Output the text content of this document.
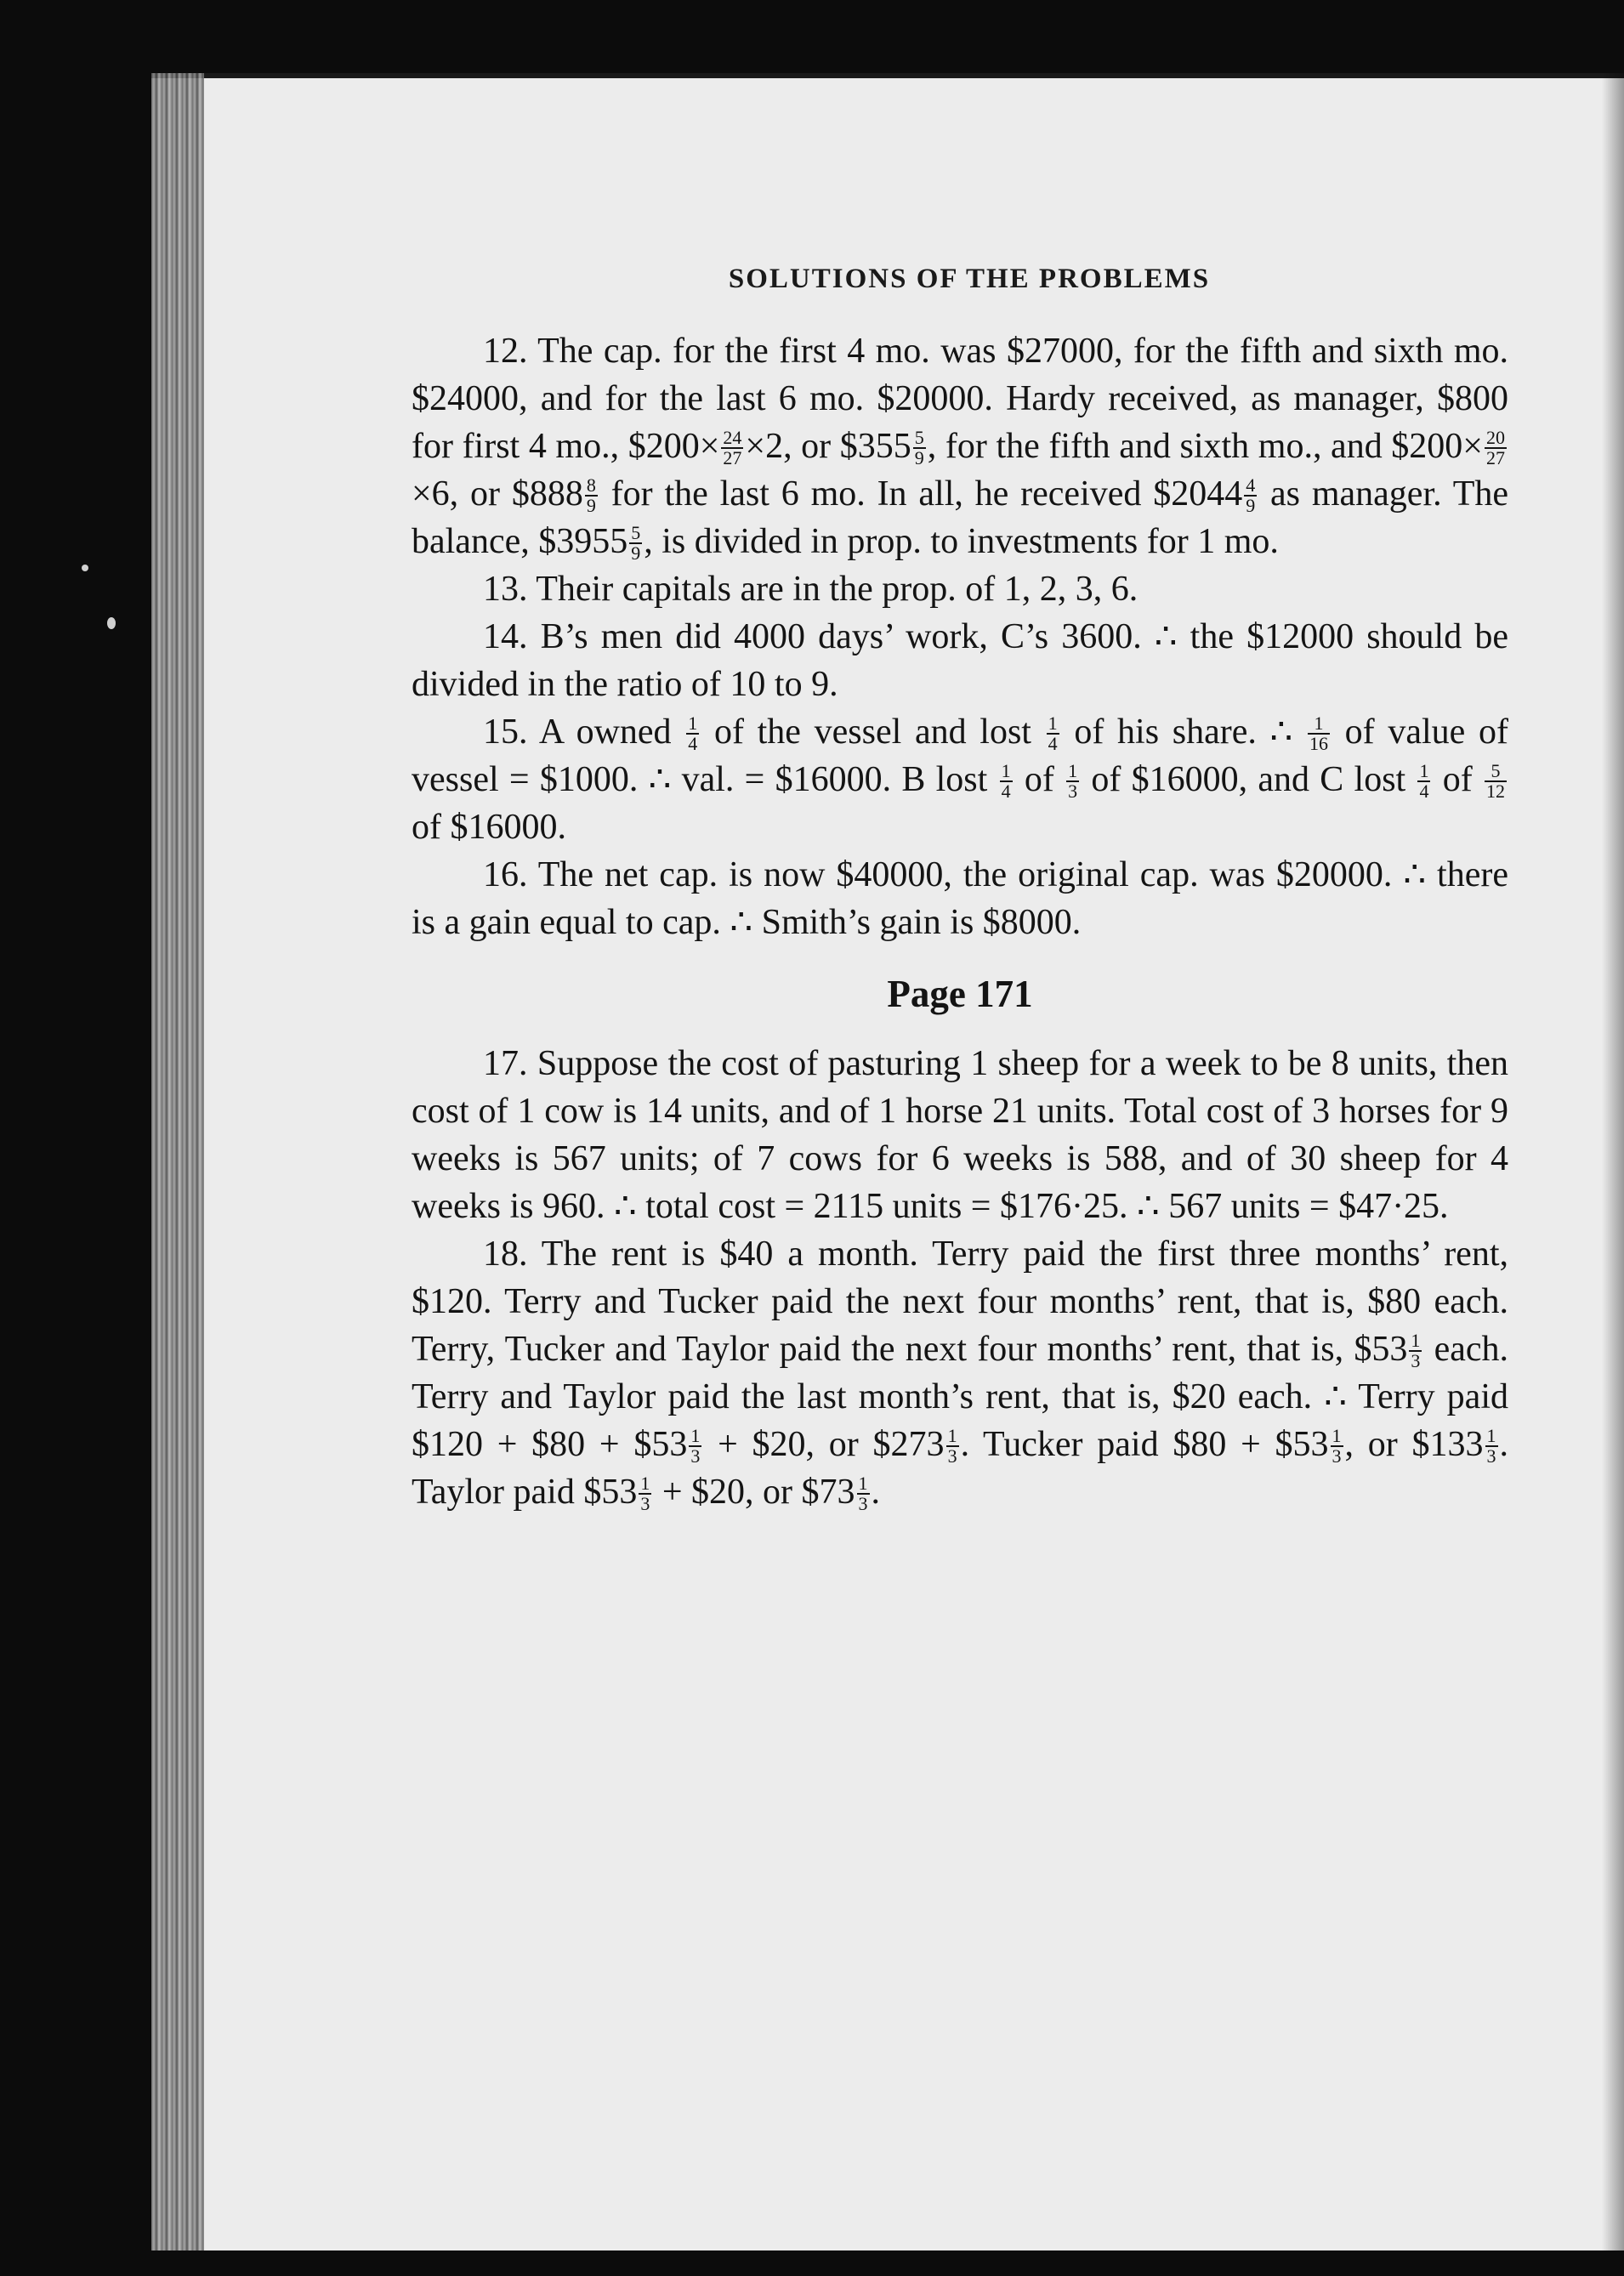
SOLUTIONS OF THE PROBLEMS

12. The cap. for the first 4 mo. was $27000, for the fifth and sixth mo. $24000, and for the last 6 mo. $20000. Hardy received, as manager, $800 for first 4 mo., $200× $\frac{24}{27} \times 2$, or $355 $\frac{5}{9}$ , for the fifth and sixth mo., and $200× $\frac{20}{27}$
×6, or $888 $\frac{8}{9}$ for the last 6 mo. In all, he received $2044 $\frac{4}{9}$ as manager. The balance, $3955 $\frac{5}{9}$ , is divided in prop. to investments for 1 mo.

13. Their capitals are in the prop. of 1, 2, 3, 6.

14. B’s men did 4000 days’ work, C’s 3600. ∴ the $12000 should be divided in the ratio of 10 to 9.

15. A owned $\frac{1}{4}$ of the vessel and lost $\frac{1}{4}$ of his share. ∴ $\frac{1}{16}$ of value of vessel = $1000. ∴ val. = $16000. B lost $\frac{1}{4}$ of $\frac{1}{3}$ of $16000, and C lost $\frac{1}{4}$ of $\frac{5}{12}$
of $16000.

16. The net cap. is now $40000, the original cap. was $20000. ∴ there is a gain equal to cap. ∴ Smith’s gain is $8000.

Page 171

17. Suppose the cost of pasturing 1 sheep for a week to be 8 units, then cost of 1 cow is 14 units, and of 1 horse 21 units. Total cost of 3 horses for 9 weeks is 567 units; of 7 cows for 6 weeks is 588, and of 30 sheep for 4 weeks is 960. ∴ total cost = 2115 units = $176·25. ∴ 567 units = $47·25.

18. The rent is $40 a month. Terry paid the first three months’ rent, $120. Terry and Tucker paid the next four months’ rent, that is, $80 each. Terry, Tucker and Taylor paid the next four months’ rent, that is, $53 $\frac{1}{3}$ each. Terry and Taylor paid the last month’s rent, that is, $20 each. ∴ Terry paid $120 + $80 + $53 $\frac{1}{3}$ + $20, or $273 $\frac{1}{3}$ . Tucker paid $80 + $53 $\frac{1}{3}$ , or $133 $\frac{1}{3}$ . Taylor paid $53 $\frac{1}{3}$ + $20, or $73 $\frac{1}{3}$ .
